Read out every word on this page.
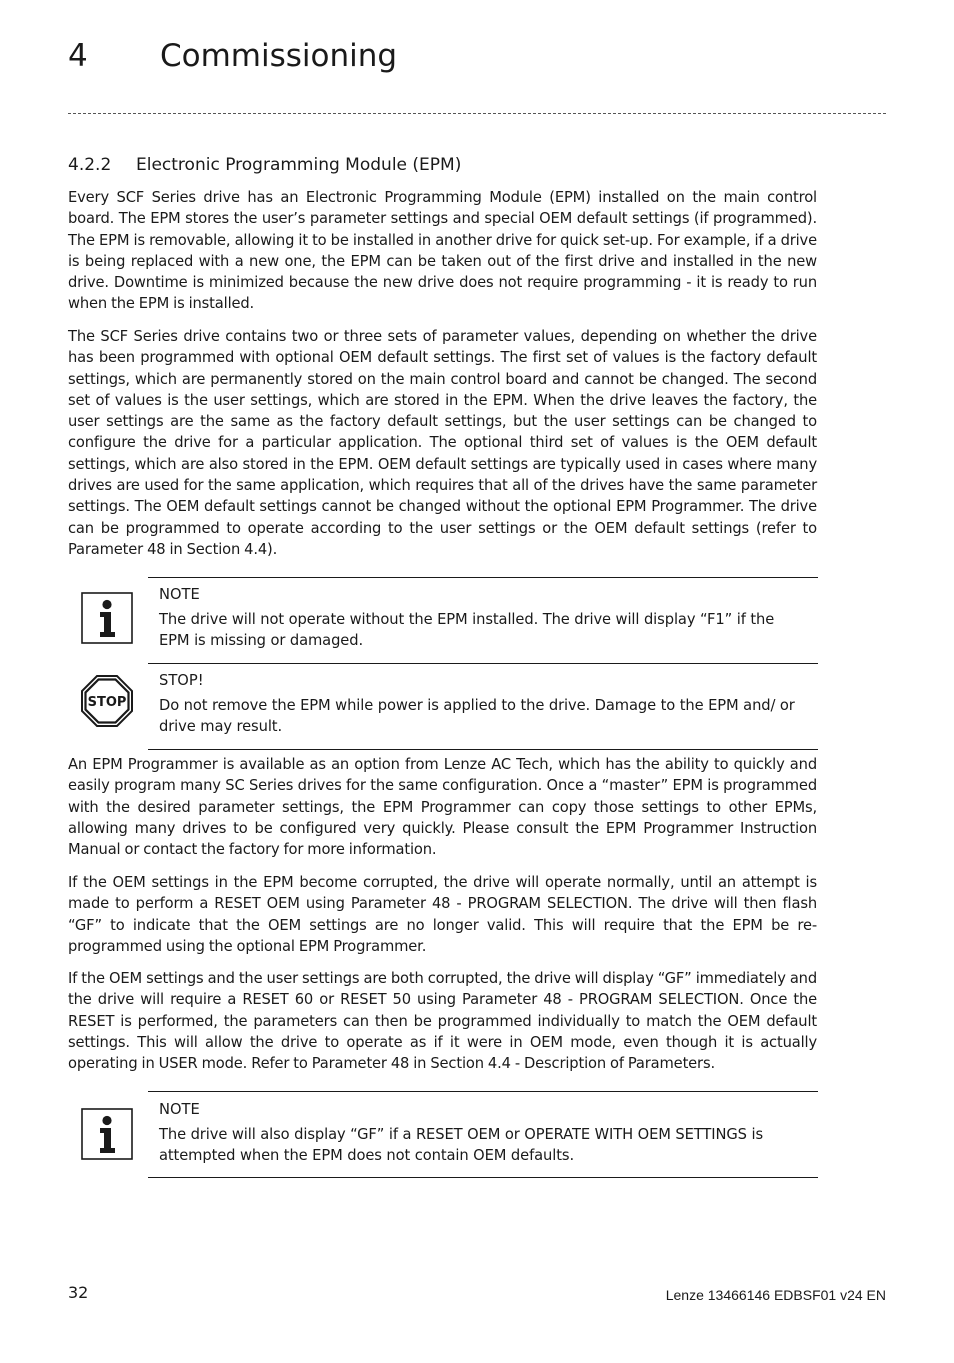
4 Commissioning
4.2.2 Electronic Programming Module (EPM)

Every SCF Series drive has an Electronic Programming Module (EPM) installed on the main control board. The EPM stores the user’s parameter settings and special OEM default settings (if programmed). The EPM is removable, allowing it to be installed in another drive for quick set-up. For example, if a drive is being replaced with a new one, the EPM can be taken out of the first drive and installed in the new drive. Downtime is minimized because the new drive does not require programming - it is ready to run when the EPM is installed.

The SCF Series drive contains two or three sets of parameter values, depending on whether the drive has been programmed with optional OEM default settings. The first set of values is the factory default settings, which are permanently stored on the main control board and cannot be changed. The second set of values is the user settings, which are stored in the EPM. When the drive leaves the factory, the user settings are the same as the factory default settings, but the user settings can be changed to configure the drive for a particular application. The optional third set of values is the OEM default settings, which are also stored in the EPM. OEM default settings are typically used in cases where many drives are used for the same application, which requires that all of the drives have the same parameter settings. The OEM default settings cannot be changed without the optional EPM Programmer. The drive can be programmed to operate according to the user settings or the OEM default settings (refer to Parameter 48 in Section 4.4).

NOTE

The drive will not operate without the EPM installed. The drive will display “F1” if the EPM is missing or damaged.

STOP
STOP!

Do not remove the EPM while power is applied to the drive. Damage to the EPM and/ or drive may result.

An EPM Programmer is available as an option from Lenze AC Tech, which has the ability to quickly and easily program many SC Series drives for the same configuration. Once a “master” EPM is programmed with the desired parameter settings, the EPM Programmer can copy those settings to other EPMs, allowing many drives to be configured very quickly. Please consult the EPM Programmer Instruction Manual or contact the factory for more information.

If the OEM settings in the EPM become corrupted, the drive will operate normally, until an attempt is made to perform a RESET OEM using Parameter 48 - PROGRAM SELECTION. The drive will then flash “GF” to indicate that the OEM settings are no longer valid. This will require that the EPM be re-programmed using the optional EPM Programmer.

If the OEM settings and the user settings are both corrupted, the drive will display “GF” immediately and the drive will require a RESET 60 or RESET 50 using Parameter 48 - PROGRAM SELECTION. Once the RESET is performed, the parameters can then be programmed individually to match the OEM default settings. This will allow the drive to operate as if it were in OEM mode, even though it is actually operating in USER mode. Refer to Parameter 48 in Section 4.4 - Description of Parameters.

NOTE

The drive will also display “GF” if a RESET OEM or OPERATE WITH OEM SETTINGS is attempted when the EPM does not contain OEM defaults.

32	Lenze 13466146 EDBSF01 v24 EN
